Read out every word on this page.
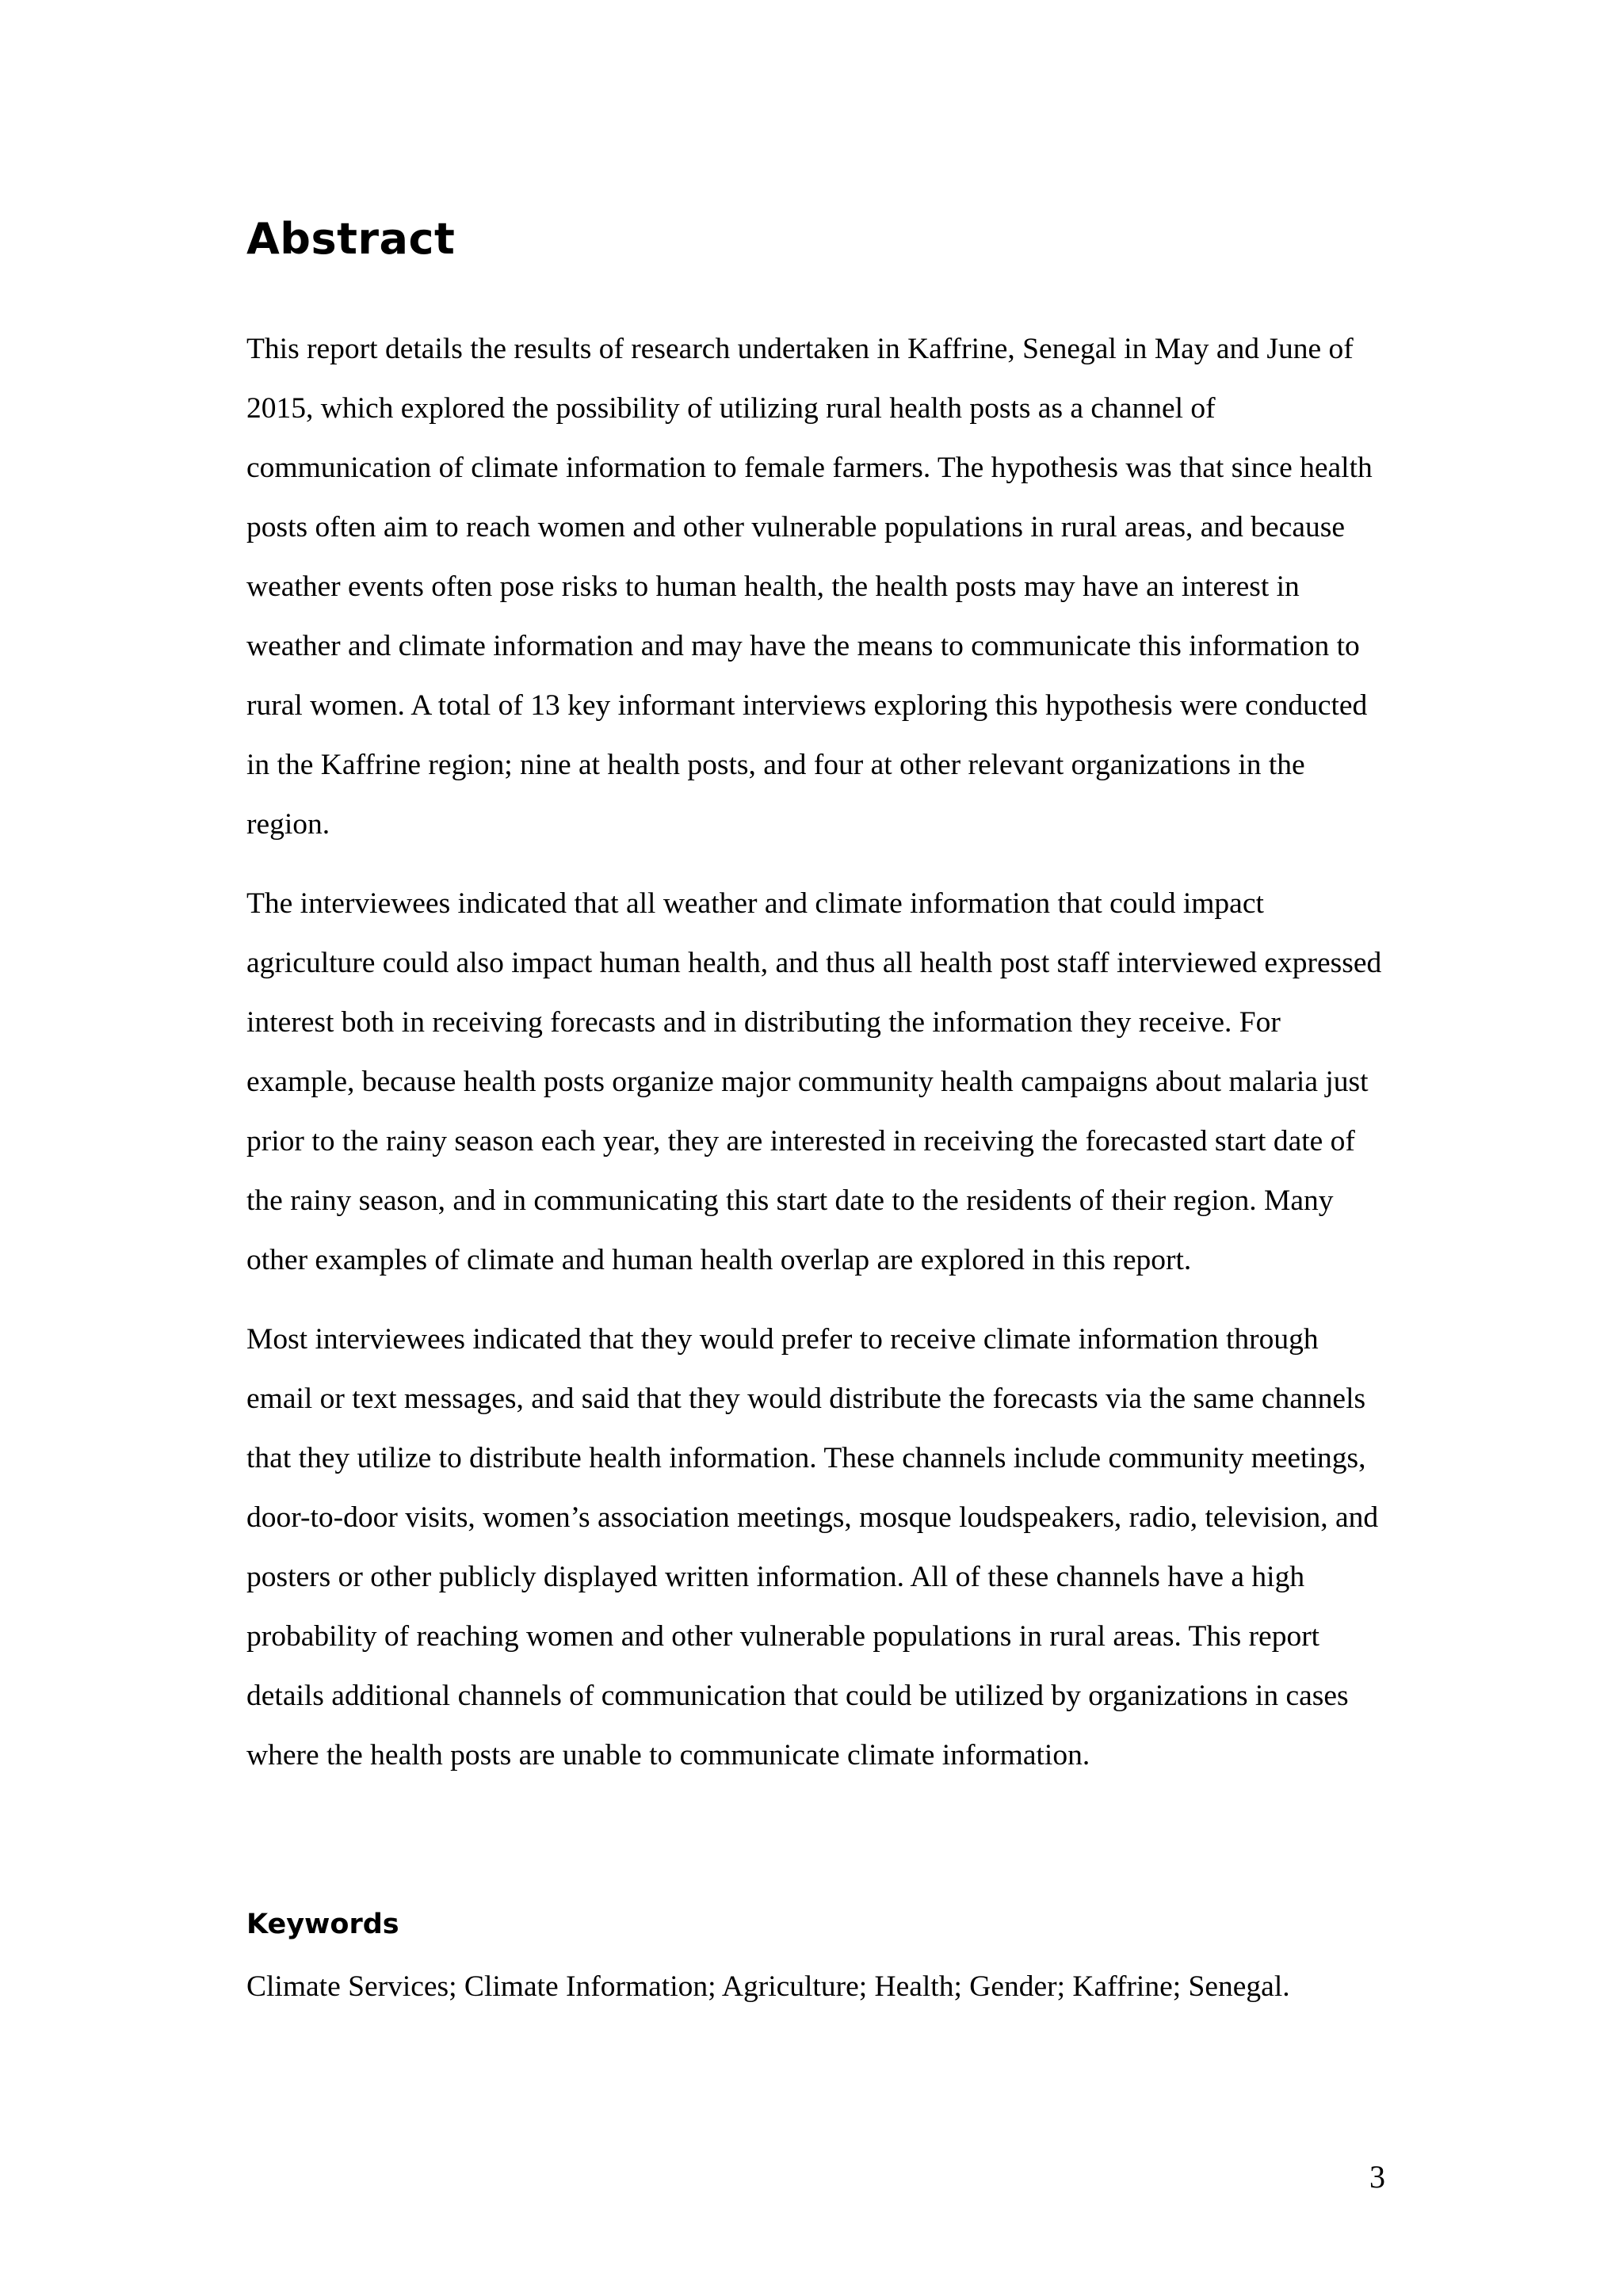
Abstract

This report details the results of research undertaken in Kaffrine, Senegal in May and June of 2015, which explored the possibility of utilizing rural health posts as a channel of communication of climate information to female farmers. The hypothesis was that since health posts often aim to reach women and other vulnerable populations in rural areas, and because weather events often pose risks to human health, the health posts may have an interest in weather and climate information and may have the means to communicate this information to rural women. A total of 13 key informant interviews exploring this hypothesis were conducted in the Kaffrine region; nine at health posts, and four at other relevant organizations in the region.

The interviewees indicated that all weather and climate information that could impact agriculture could also impact human health, and thus all health post staff interviewed expressed interest both in receiving forecasts and in distributing the information they receive. For example, because health posts organize major community health campaigns about malaria just prior to the rainy season each year, they are interested in receiving the forecasted start date of the rainy season, and in communicating this start date to the residents of their region. Many other examples of climate and human health overlap are explored in this report.

Most interviewees indicated that they would prefer to receive climate information through email or text messages, and said that they would distribute the forecasts via the same channels that they utilize to distribute health information. These channels include community meetings, door-to-door visits, women’s association meetings, mosque loudspeakers, radio, television, and posters or other publicly displayed written information. All of these channels have a high probability of reaching women and other vulnerable populations in rural areas. This report details additional channels of communication that could be utilized by organizations in cases where the health posts are unable to communicate climate information.

Keywords

Climate Services; Climate Information; Agriculture; Health; Gender; Kaffrine; Senegal.

3
